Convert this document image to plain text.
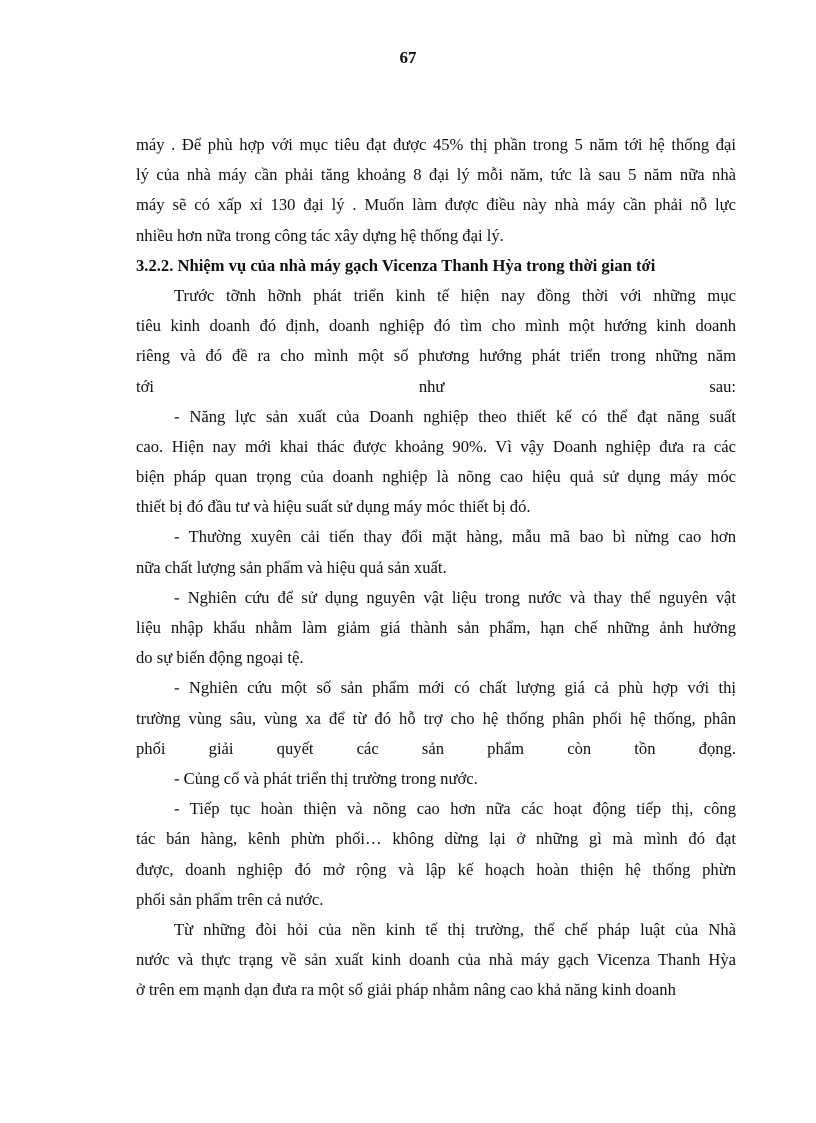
67
máy . Để phù hợp với mục tiêu đạt được 45% thị phần trong 5 năm tới hệ thống đại
lý của nhà máy cần phải tăng khoảng 8 đại lý mỗi năm, tức là sau 5 năm nữa nhà
máy sẽ có xấp xỉ 130 đại lý . Muốn làm được điều này nhà máy cần phải nỗ lực
nhiều hơn nữa trong công tác xây dựng hệ thống đại lý.
3.2.2. Nhiệm vụ của nhà máy gạch Vicenza Thanh Hỳa trong thời gian tới
Trước tỡnh hỡnh phát triển kinh tế hiện nay đồng thời với những mục
tiêu kinh doanh đó định, doanh nghiệp đó tìm cho mình một hướng kinh doanh
riêng và đó đề ra cho mình một số phương hướng phát triển trong những năm
tới như sau:
- Năng lực sản xuất của Doanh nghiệp theo thiết kế có thể đạt năng suất
cao. Hiện nay mới khai thác được khoảng 90%. Vì vậy Doanh nghiệp đưa ra các
biện pháp quan trọng của doanh nghiệp là nõng cao hiệu quả sử dụng máy móc
thiết bị đó đầu tư và hiệu suất sử dụng máy móc thiết bị đó.
- Thường xuyên cải tiến thay đổi mặt hàng, mẫu mã bao bì nừng cao hơn
nữa chất lượng sản phẩm và hiệu quả sản xuất.
- Nghiên cứu để sử dụng nguyên vật liệu trong nước và thay thế nguyên vật
liệu nhập khẩu nhằm làm giảm giá thành sản phẩm, hạn chế những ảnh hưởng
do sự biến động ngoại tệ.
- Nghiên cứu một số sản phẩm mới có chất lượng giá cả phù hợp với thị
trường vùng sâu, vùng xa để từ đó hỗ trợ cho hệ thống phân phối hệ thống, phân
phối giải quyết các sản phẩm còn tồn đọng.
- Củng cố và phát triển thị trường trong nước.
- Tiếp tục hoàn thiện và nõng cao hơn nữa các hoạt động tiếp thị, công
tác bán hàng, kênh phừn phối… không dừng lại ở những gì mà mình đó đạt
được, doanh nghiệp đó mở rộng và lập kế hoạch hoàn thiện hệ thống phừn
phối sản phẩm trên cả nước.
Từ những đòi hỏi của nền kinh tế thị trường, thể chế pháp luật của Nhà
nước và thực trạng về sản xuất kinh doanh của nhà máy gạch Vicenza Thanh Hỳa
ở trên em mạnh dạn đưa ra một số giải pháp nhằm nâng cao khả năng kinh doanh
